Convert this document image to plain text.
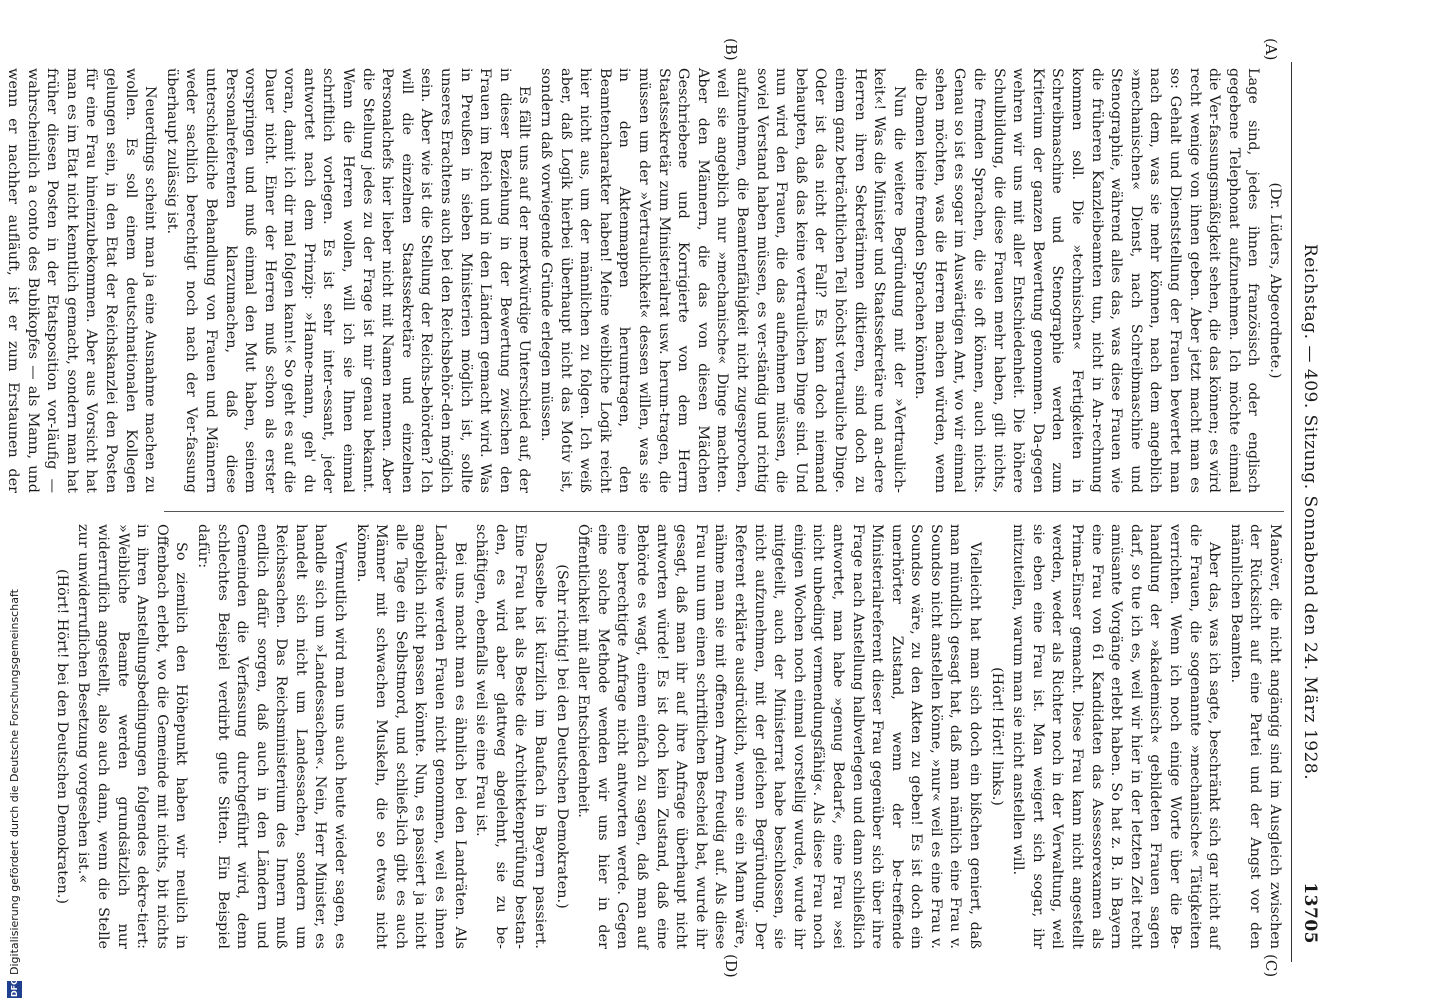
Reichstag. — 409. Sitzung. Sonnabend den 24. März 1928.
13705
(A)
(B)
(C)
(D)

(Dr. Lüders, Abgeordnete.)

Lage sind, jedes ihnen französisch oder englisch gegebene Telephonat aufzunehmen. Ich möchte einmal die Ver-fassungsmäßigkeit sehen, die das können; es wird recht wenige von ihnen geben. Aber jetzt macht man es so: Gehalt und Dienststellung der Frauen bewertet man nach dem, was sie mehr können, nach dem angeblich »mechanischen« Dienst, nach Schreibmaschine und Stenographie, während alles das, was diese Frauen wie die früheren Kanzleibeamten tun, nicht in An-rechnung kommen soll. Die »technischen« Fertigkeiten in Schreibmaschine und Stenographie werden zum Kriterium der ganzen Bewertung genommen. Da-gegen wehren wir uns mit aller Entschiedenheit. Die höhere Schulbildung, die diese Frauen mehr haben, gilt nichts, die fremden Sprachen, die sie oft können, auch nichts. Genau so ist es sogar im Auswärtigen Amt, wo wir einmal sehen möchten, was die Herren machen würden, wenn die Damen keine fremden Sprachen könnten.

Nun die weitere Begründung mit der »Vertraulich-keit«! Was die Minister und Staatssekretäre und an-dere Herren ihren Sekretärinnen diktieren, sind doch zu einem ganz beträchtlichen Teil höchst vertrauliche Dinge. Oder ist das nicht der Fall? Es kann doch niemand behaupten, daß das keine vertraulichen Dinge sind. Und nun wird den Frauen, die das aufnehmen müssen, die soviel Verstand haben müssen, es ver-ständig und richtig aufzunehmen, die Beamtenfähigkeit nicht zugesprochen, weil sie angeblich nur »mechanische« Dinge machten. Aber den Männern, die das von diesen Mädchen Geschriebene und Korrigierte von dem Herrn Staatssekretär zum Ministerialrat usw. herum-tragen, die müssen um der »Vertraulichkeit« dessen willen, was sie in den Aktenmappen herumtragen, den Beamtencharakter haben! Meine weibliche Logik reicht hier nicht aus, um der männlichen zu folgen. Ich weiß aber, daß Logik hierbei überhaupt nicht das Motiv ist, sondern daß vorwiegende Gründe erlegen müssen.

Es fällt uns auf der merkwürdige Unterschied auf, der in dieser Beziehung in der Bewertung zwischen den Frauen im Reich und in den Ländern gemacht wird. Was in Preußen in sieben Ministerien möglich ist, sollte unseres Erachtens auch bei den Reichsbehör-den möglich sein. Aber wie ist die Stellung der Reichs-behörden? Ich will die einzelnen Staatssekretäre und einzelnen Personalchefs hier lieber nicht mit Namen nennen. Aber die Stellung jedes zu der Frage ist mir genau bekannt. Wenn die Herren wollen, will ich sie Ihnen einmal schriftlich vorlegen. Es ist sehr inter-essant, jeder antwortet nach dem Prinzip: »Hanne-mann, geh' du voran, damit ich dir mal folgen kann!« So geht es auf die Dauer nicht. Einer der Herren muß schon als erster vorspringen und muß einmal den Mut haben, seinem Personalreferenten klarzumachen, daß diese unterschiedliche Behandlung von Frauen und Männern weder sachlich berechtigt noch nach der Ver-fassung überhaupt zulässig ist.

Neuerdings scheint man ja eine Ausnahme machen zu wollen. Es soll einem deutschnationalen Kollegen gelungen sein, in den Etat der Reichskanzlei den Posten für eine Frau hineinzubekommen. Aber aus Vorsicht hat man es im Etat nicht kenntlich gemacht, sondern man hat früher diesen Posten in der Etatsposition vor-läufig — wahrscheinlich a conto des Bubikopfes — als Mann, und wenn er nachher aufläuft, ist er zum Erstaunen der

Manöver, die nicht angängig sind im Ausgleich zwischen der Rücksicht auf eine Partei und der Angst vor den männlichen Beamten.

Aber das, was ich sagte, beschränkt sich gar nicht auf die Frauen, die sogenannte »mechanische« Tätigkeiten verrichten. Wenn ich noch einige Worte über die Be-handlung der »akademisch« gebildeten Frauen sagen darf, so tue ich es, weil wir hier in der letzten Zeit recht amüsante Vorgänge erlebt haben. So hat z. B. in Bayern eine Frau von 61 Kandidaten das Assessorexamen als Prima-Einser gemacht. Diese Frau kann nicht angestellt werden, weder als Richter noch in der Verwaltung, weil sie eben eine Frau ist. Man weigert sich sogar, ihr mitzuteilen, warum man sie nicht anstellen will.

(Hört! Hört! links.)

Vielleicht hat man sich doch ein bißchen geniert, daß man mündlich gesagt hat, daß man nämlich eine Frau v. Soundso nicht anstellen könne, »nur« weil es eine Frau v. Soundso wäre, zu den Akten zu geben! Es ist doch ein unerhörter Zustand, wenn der be-treffende Ministerialreferent dieser Frau gegenüber sich über ihre Frage nach Anstellung halbverlegen und dann schließlich antwortet, man habe »genug Bedarf«, eine Frau »sei nicht unbedingt vermendungsfähig«. Als diese Frau noch einigen Wochen noch einmal vorstellig wurde, wurde ihr mitgeteilt, auch der Ministerrat habe beschlossen, sie nicht aufzunehmen, mit der gleichen Begründung. Der Referent erklärte ausdrücklich, wenn sie ein Mann wäre, nähme man sie mit offenen Armen freudig auf. Als diese Frau nun um einen schriftlichen Bescheid bat, wurde ihr gesagt, daß man ihr auf ihre Anfrage überhaupt nicht antworten würde! Es ist doch kein Zustand, daß eine Behörde es wagt, einem einfach zu sagen, daß man auf eine berechtigte Anfrage nicht antworten werde. Gegen eine solche Methode wenden wir uns hier in der Öffentlichkeit mit aller Entschiedenheit.

(Sehr richtig! bei den Deutschen Demokraten.)

Dasselbe ist kürzlich im Baufach in Bayern passiert. Eine Frau hat als Beste die Architektenprüfung bestan-den, es wird aber glattweg abgelehnt, sie zu be-schäftigen, ebenfalls weil sie eine Frau ist.

Bei uns macht man es ähnlich bei den Landräten. Als Landräte werden Frauen nicht genommen, weil es ihnen angeblich nicht passen könnte. Nun, es passiert ja nicht alle Tage ein Selbstmord, und schließ-lich gibt es auch Männer mit schwachen Muskeln, die so etwas nicht können.

Vermutlich wird man uns auch heute wieder sagen, es handle sich um »Landessachen«. Nein, Herr Minister, es handelt sich nicht um Landessachen, sondern um Reichssachen. Das Reichsministerium des Innern muß endlich dafür sorgen, daß auch in den Ländern und Gemeinden die Verfassung durchgeführt wird, denn schlechtes Beispiel verdirbt gute Sitten. Ein Beispiel dafür:

So ziemlich den Höhepunkt haben wir neulich in Offenbach erlebt, wo die Gemeinde mit nichts, bit nichts in ihren Anstellungsbedingungen folgendes dekre-tiert: »Weibliche Beamte werden grundsätzlich nur widerruflich angestellt, also auch dann, wenn die Stelle zur unwiderruflichen Besetzung vorgesehen ist.«

(Hört! Hört! bei den Deutschen Demokraten.)

DFG
Digitalisierung gefördert durch die Deutsche Forschungsgemeinschaft
